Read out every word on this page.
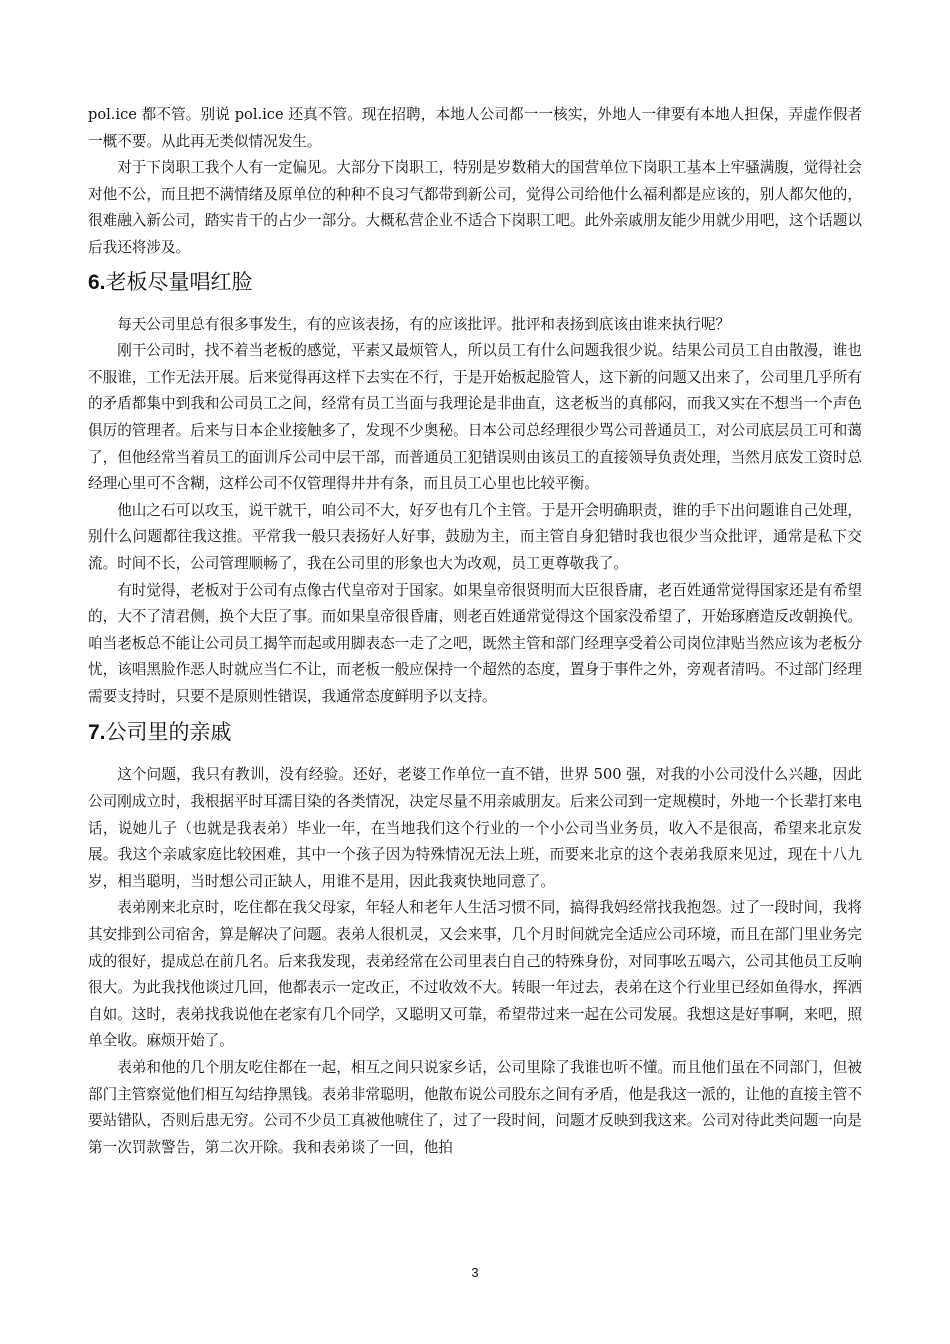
pol.ice 都不管。别说 pol.ice 还真不管。现在招聘，本地人公司都一一核实，外地人一律要有本地人担保，弄虚作假者一概不要。从此再无类似情况发生。

对于下岗职工我个人有一定偏见。大部分下岗职工，特别是岁数稍大的国营单位下岗职工基本上牢骚满腹，觉得社会对他不公，而且把不满情绪及原单位的种种不良习气都带到新公司，觉得公司给他什么福利都是应该的，别人都欠他的，很难融入新公司，踏实肯干的占少一部分。大概私营企业不适合下岗职工吧。此外亲戚朋友能少用就少用吧，这个话题以后我还将涉及。

6.老板尽量唱红脸

每天公司里总有很多事发生，有的应该表扬，有的应该批评。批评和表扬到底该由谁来执行呢？

刚干公司时，找不着当老板的感觉，平素又最烦管人，所以员工有什么问题我很少说。结果公司员工自由散漫，谁也不服谁，工作无法开展。后来觉得再这样下去实在不行，于是开始板起脸管人，这下新的问题又出来了，公司里几乎所有的矛盾都集中到我和公司员工之间，经常有员工当面与我理论是非曲直，这老板当的真郁闷，而我又实在不想当一个声色俱厉的管理者。后来与日本企业接触多了，发现不少奥秘。日本公司总经理很少骂公司普通员工，对公司底层员工可和蔼了，但他经常当着员工的面训斥公司中层干部，而普通员工犯错误则由该员工的直接领导负责处理，当然月底发工资时总经理心里可不含糊，这样公司不仅管理得井井有条，而且员工心里也比较平衡。

他山之石可以攻玉，说干就干，咱公司不大，好歹也有几个主管。于是开会明确职责，谁的手下出问题谁自己处理，别什么问题都往我这推。平常我一般只表扬好人好事，鼓励为主，而主管自身犯错时我也很少当众批评，通常是私下交流。时间不长，公司管理顺畅了，我在公司里的形象也大为改观，员工更尊敬我了。

有时觉得，老板对于公司有点像古代皇帝对于国家。如果皇帝很贤明而大臣很昏庸，老百姓通常觉得国家还是有希望的，大不了清君侧，换个大臣了事。而如果皇帝很昏庸，则老百姓通常觉得这个国家没希望了，开始琢磨造反改朝换代。咱当老板总不能让公司员工揭竿而起或用脚表态一走了之吧，既然主管和部门经理享受着公司岗位津贴当然应该为老板分忧，该唱黑脸作恶人时就应当仁不让，而老板一般应保持一个超然的态度，置身于事件之外，旁观者清吗。不过部门经理需要支持时，只要不是原则性错误，我通常态度鲜明予以支持。

7.公司里的亲戚

这个问题，我只有教训，没有经验。还好，老婆工作单位一直不错，世界 500 强，对我的小公司没什么兴趣，因此公司刚成立时，我根据平时耳濡目染的各类情况，决定尽量不用亲戚朋友。后来公司到一定规模时，外地一个长辈打来电话，说她儿子（也就是我表弟）毕业一年，在当地我们这个行业的一个小公司当业务员，收入不是很高，希望来北京发展。我这个亲戚家庭比较困难，其中一个孩子因为特殊情况无法上班，而要来北京的这个表弟我原来见过，现在十八九岁，相当聪明，当时想公司正缺人，用谁不是用，因此我爽快地同意了。

表弟刚来北京时，吃住都在我父母家，年轻人和老年人生活习惯不同，搞得我妈经常找我抱怨。过了一段时间，我将其安排到公司宿舍，算是解决了问题。表弟人很机灵，又会来事，几个月时间就完全适应公司环境，而且在部门里业务完成的很好，提成总在前几名。后来我发现，表弟经常在公司里表白自己的特殊身份，对同事吆五喝六，公司其他员工反响很大。为此我找他谈过几回，他都表示一定改正，不过收效不大。转眼一年过去，表弟在这个行业里已经如鱼得水，挥洒自如。这时，表弟找我说他在老家有几个同学，又聪明又可靠，希望带过来一起在公司发展。我想这是好事啊，来吧，照单全收。麻烦开始了。

表弟和他的几个朋友吃住都在一起，相互之间只说家乡话，公司里除了我谁也听不懂。而且他们虽在不同部门，但被部门主管察觉他们相互勾结挣黑钱。表弟非常聪明，他散布说公司股东之间有矛盾，他是我这一派的，让他的直接主管不要站错队，否则后患无穷。公司不少员工真被他唬住了，过了一段时间，问题才反映到我这来。公司对待此类问题一向是第一次罚款警告，第二次开除。我和表弟谈了一回，他拍

3
